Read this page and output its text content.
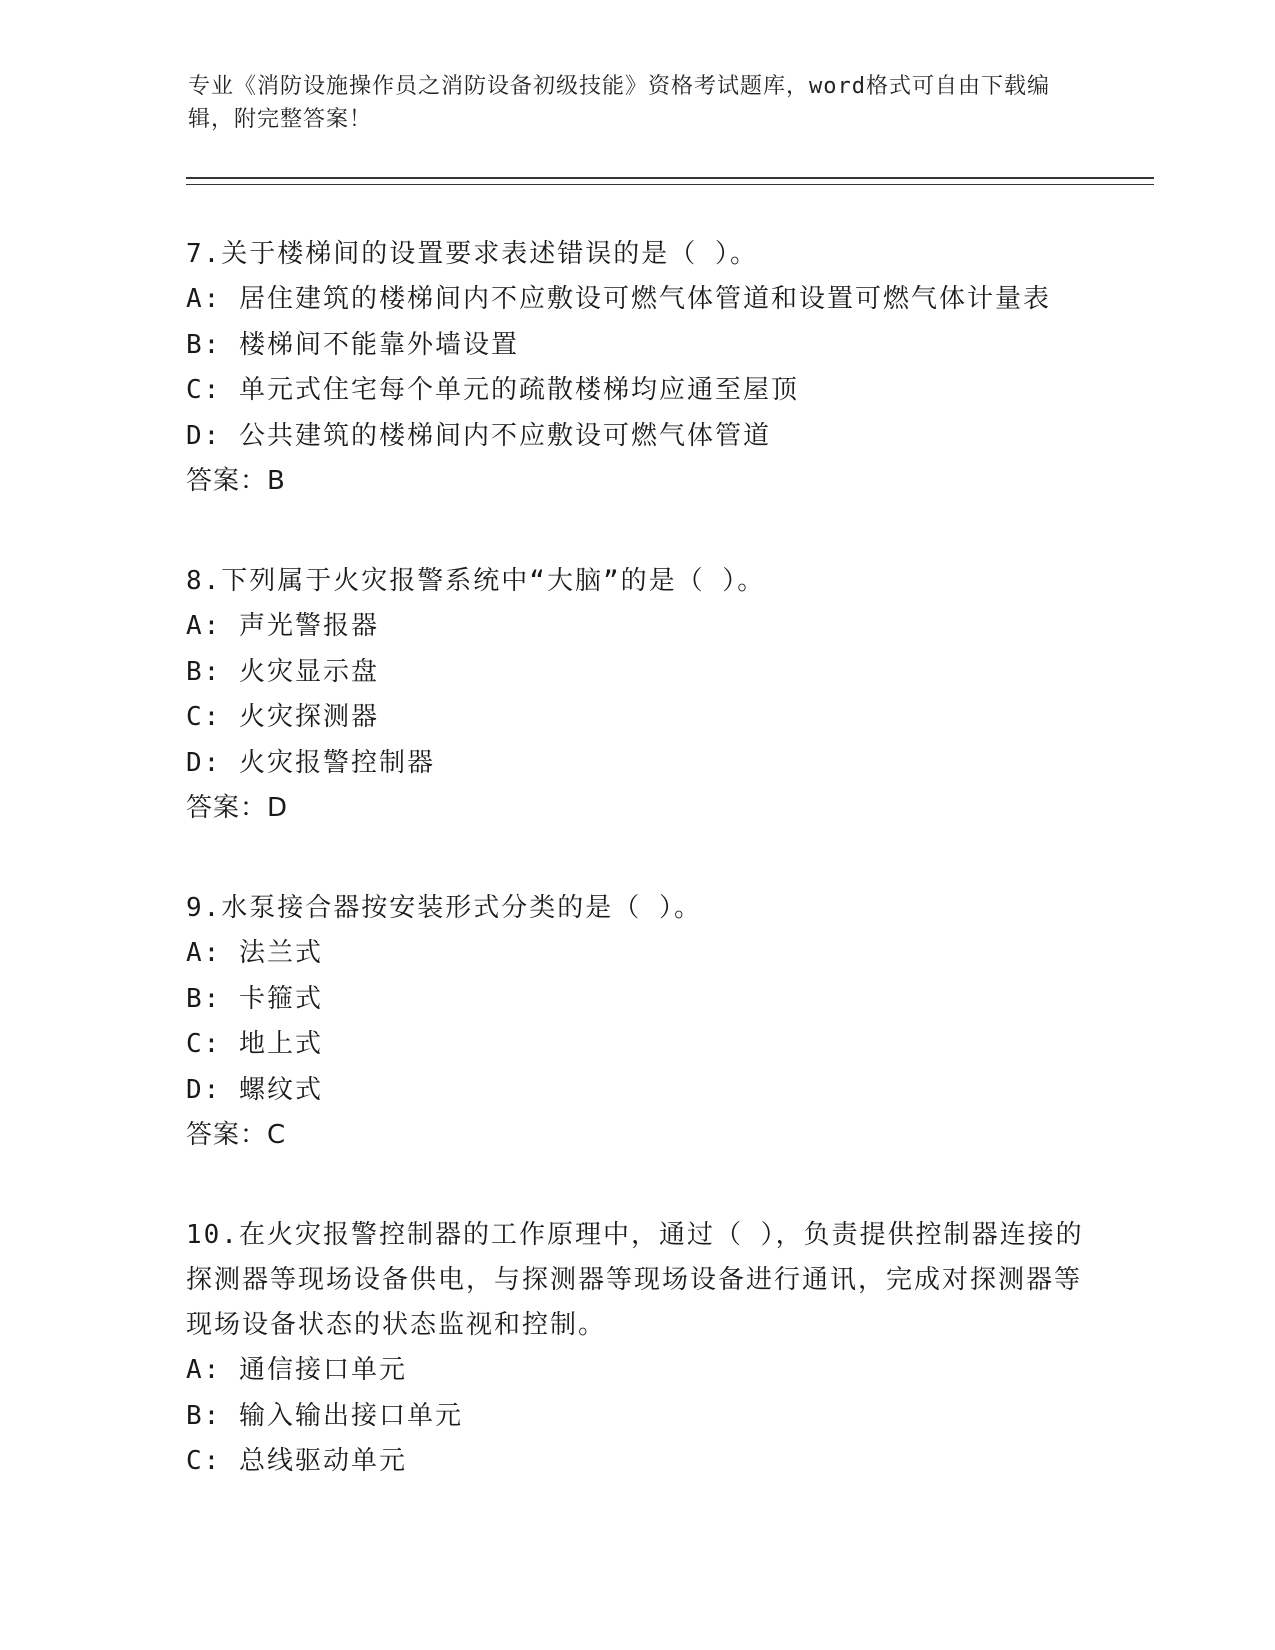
专业《消防设施操作员之消防设备初级技能》资格考试题库，word格式可自由下载编辑，附完整答案！
7.关于楼梯间的设置要求表述错误的是（ ）。
A: 居住建筑的楼梯间内不应敷设可燃气体管道和设置可燃气体计量表
B: 楼梯间不能靠外墙设置
C: 单元式住宅每个单元的疏散楼梯均应通至屋顶
D: 公共建筑的楼梯间内不应敷设可燃气体管道
答案：B
8.下列属于火灾报警系统中“大脑”的是（ ）。
A: 声光警报器
B: 火灾显示盘
C: 火灾探测器
D: 火灾报警控制器
答案：D
9.水泵接合器按安装形式分类的是（ ）。
A: 法兰式
B: 卡箍式
C: 地上式
D: 螺纹式
答案：C
10.在火灾报警控制器的工作原理中，通过（ ），负责提供控制器连接的探测器等现场设备供电，与探测器等现场设备进行通讯，完成对探测器等现场设备状态的状态监视和控制。
A: 通信接口单元
B: 输入输出接口单元
C: 总线驱动单元
